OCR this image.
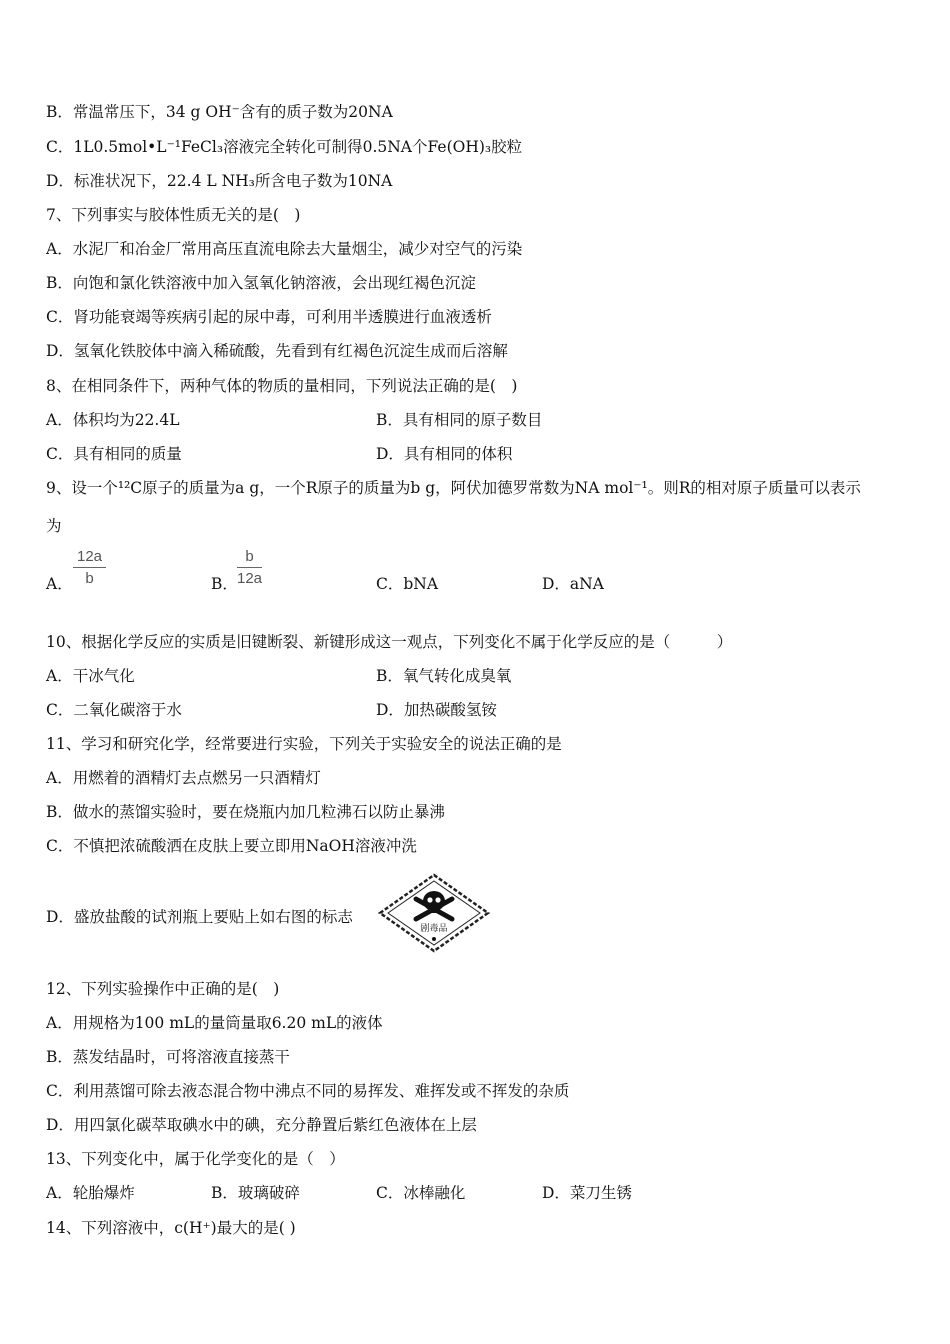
B．常温常压下，34 g OH⁻含有的质子数为20NA
C．1L0.5mol•L⁻¹FeCl₃溶液完全转化可制得0.5NA个Fe(OH)₃胶粒
D．标准状况下，22.4 L NH₃所含电子数为10NA
7、下列事实与胶体性质无关的是(　)
A．水泥厂和冶金厂常用高压直流电除去大量烟尘，减少对空气的污染
B．向饱和氯化铁溶液中加入氢氧化钠溶液，会出现红褐色沉淀
C．肾功能衰竭等疾病引起的尿中毒，可利用半透膜进行血液透析
D．氢氧化铁胶体中滴入稀硫酸，先看到有红褐色沉淀生成而后溶解
8、在相同条件下，两种气体的物质的量相同，下列说法正确的是(　)
A．体积均为22.4L	B．具有相同的原子数目
C．具有相同的质量	D．具有相同的体积
9、设一个¹²C原子的质量为a g，一个R原子的质量为b g，阿伏加德罗常数为NA mol⁻¹。则R的相对原子质量可以表示
为
A． $\frac{12a}{b}$	B． $\frac{b}{12a}$	C．bNA	D．aNA
10、根据化学反应的实质是旧键断裂、新键形成这一观点，下列变化不属于化学反应的是（　　　）
A．干冰气化	B．氧气转化成臭氧
C．二氧化碳溶于水	D．加热碳酸氢铵
11、学习和研究化学，经常要进行实验，下列关于实验安全的说法正确的是
A．用燃着的酒精灯去点燃另一只酒精灯
B．做水的蒸馏实验时，要在烧瓶内加几粒沸石以防止暴沸
C．不慎把浓硫酸洒在皮肤上要立即用NaOH溶液冲洗
D．盛放盐酸的试剂瓶上要贴上如右图的标志
剧毒品
12、下列实验操作中正确的是(　)
A．用规格为100 mL的量筒量取6.20 mL的液体
B．蒸发结晶时，可将溶液直接蒸干
C．利用蒸馏可除去液态混合物中沸点不同的易挥发、难挥发或不挥发的杂质
D．用四氯化碳萃取碘水中的碘，充分静置后紫红色液体在上层
13、下列变化中，属于化学变化的是（　）
A．轮胎爆炸	B．玻璃破碎	C．冰棒融化	D．菜刀生锈
14、下列溶液中，c(H⁺)最大的是( )
